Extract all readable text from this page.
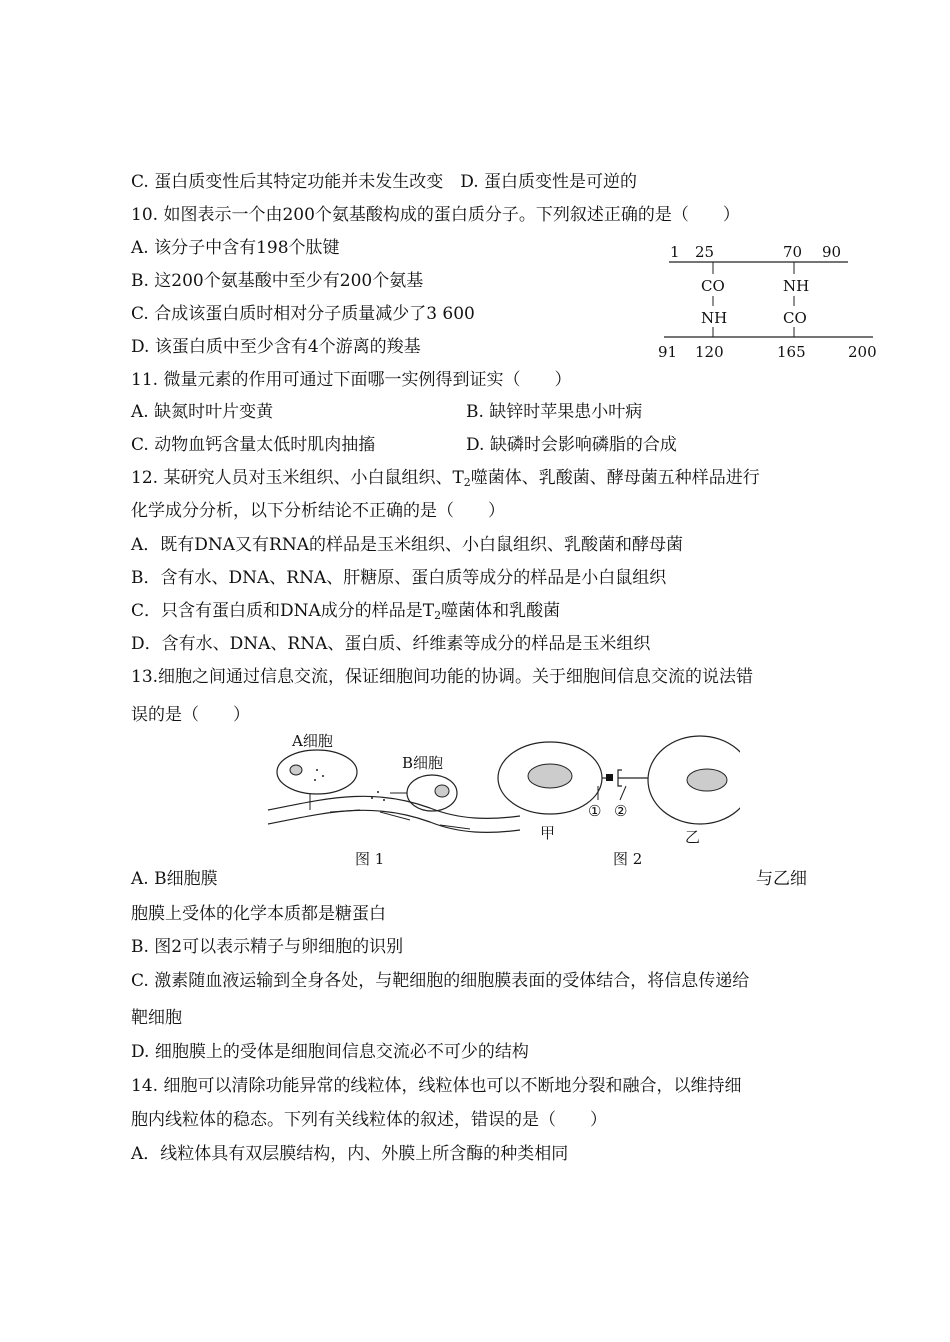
C. 蛋白质变性后其特定功能并未发生改变　D. 蛋白质变性是可逆的
10. 如图表示一个由200个氨基酸构成的蛋白质分子。下列叙述正确的是（　　）
A. 该分子中含有198个肽键
B. 这200个氨基酸中至少有200个氨基
C. 合成该蛋白质时相对分子质量减少了3 600
D. 该蛋白质中至少含有4个游离的羧基
11. 微量元素的作用可通过下面哪一实例得到证实（　　）
A. 缺氮时叶片变黄	B. 缺锌时苹果患小叶病
C. 动物血钙含量太低时肌肉抽搐	D. 缺磷时会影响磷脂的合成
12. 某研究人员对玉米组织、小白鼠组织、$T_2$噬菌体、乳酸菌、酵母菌五种样品进行
化学成分分析，以下分析结论不正确的是（　　）
A．既有DNA又有RNA的样品是玉米组织、小白鼠组织、乳酸菌和酵母菌
B．含有水、DNA、RNA、肝糖原、蛋白质等成分的样品是小白鼠组织
C．只含有蛋白质和DNA成分的样品是$T_2$噬菌体和乳酸菌
D．含有水、DNA、RNA、蛋白质、纤维素等成分的样品是玉米组织
13.细胞之间通过信息交流，保证细胞间功能的协调。关于细胞间信息交流的说法错
误的是（　　）
A细胞
B细胞
图 1
① ②
甲	乙
图 2
A. B细胞膜	与乙细
胞膜上受体的化学本质都是糖蛋白
B. 图2可以表示精子与卵细胞的识别
C. 激素随血液运输到全身各处，与靶细胞的细胞膜表面的受体结合，将信息传递给
靶细胞
D. 细胞膜上的受体是细胞间信息交流必不可少的结构
14. 细胞可以清除功能异常的线粒体，线粒体也可以不断地分裂和融合，以维持细
胞内线粒体的稳态。下列有关线粒体的叙述，错误的是（　　）
A．线粒体具有双层膜结构，内、外膜上所含酶的种类相同
1 25	70 90
CO	NH
NH	CO
91 120	165	200
